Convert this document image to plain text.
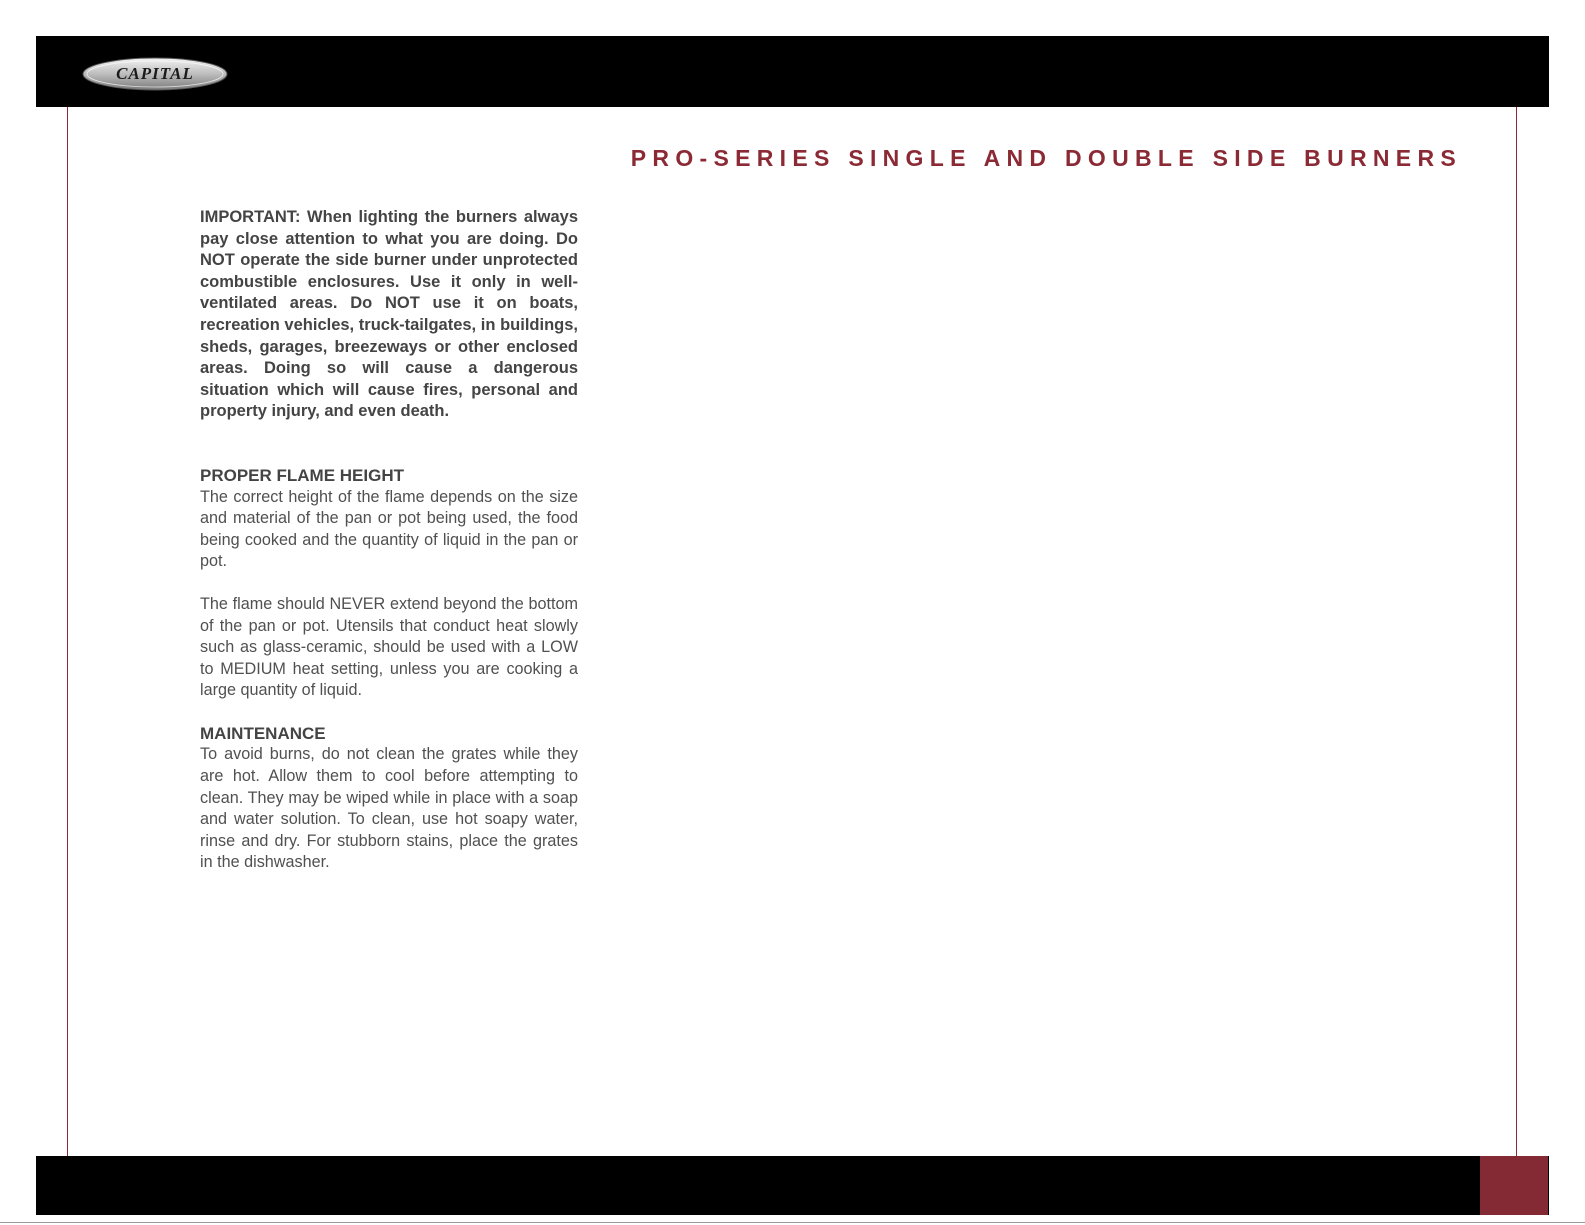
CAPITAL
PRO-SERIES SINGLE AND DOUBLE SIDE BURNERS

IMPORTANT: When lighting the burners always pay close attention to what you are doing. Do NOT operate the side burner under unprotected combustible enclosures. Use it only in well-ventilated areas. Do NOT use it on boats, recreation vehicles, truck-tailgates, in buildings, sheds, garages, breezeways or other enclosed areas. Doing so will cause a dangerous situation which will cause fires, personal and property injury, and even death.

PROPER FLAME HEIGHT

The correct height of the flame depends on the size and material of the pan or pot being used, the food being cooked and the quantity of liquid in the pan or pot.

The flame should NEVER extend beyond the bottom of the pan or pot. Utensils that conduct heat slowly such as glass-ceramic, should be used with a LOW to MEDIUM heat setting, unless you are cooking a large quantity of liquid.

MAINTENANCE

To avoid burns, do not clean the grates while they are hot. Allow them to cool before attempting to clean. They may be wiped while in place with a soap and water solution. To clean, use hot soapy water, rinse and dry. For stubborn stains, place the grates in the dishwasher.
